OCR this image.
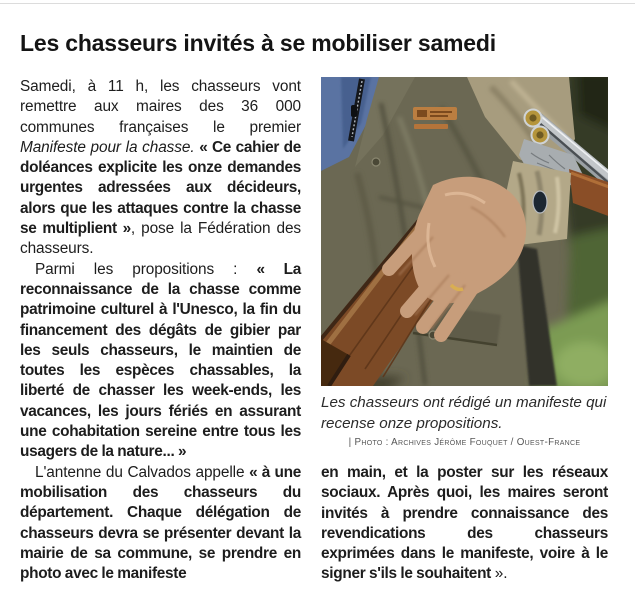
Les chasseurs invités à se mobiliser samedi

Samedi, à 11 h, les chasseurs vont remettre aux maires des 36 000 communes françaises le premier Manifeste pour la chasse. « Ce cahier de doléances explicite les onze demandes urgentes adressées aux décideurs, alors que les attaques contre la chasse se multiplient », pose la Fédération des chasseurs.

Parmi les propositions : « La reconnaissance de la chasse comme patrimoine culturel à l'Unesco, la fin du financement des dégâts de gibier par les seuls chasseurs, le maintien de toutes les espèces chassables, la liberté de chasser les week-ends, les vacances, les jours fériés en assurant une cohabitation sereine entre tous les usagers de la nature... »

L'antenne du Calvados appelle « à une mobilisation des chasseurs du département. Chaque délégation de chasseurs devra se présenter devant la mairie de sa commune, se prendre en photo avec le manifeste

Les chasseurs ont rédigé un manifeste qui recense onze propositions.
| Photo : Archives Jérôme Fouquet / Ouest-France

en main, et la poster sur les réseaux sociaux. Après quoi, les maires seront invités à prendre connaissance des revendications des chasseurs exprimées dans le manifeste, voire à le signer s'ils le souhaitent ».
